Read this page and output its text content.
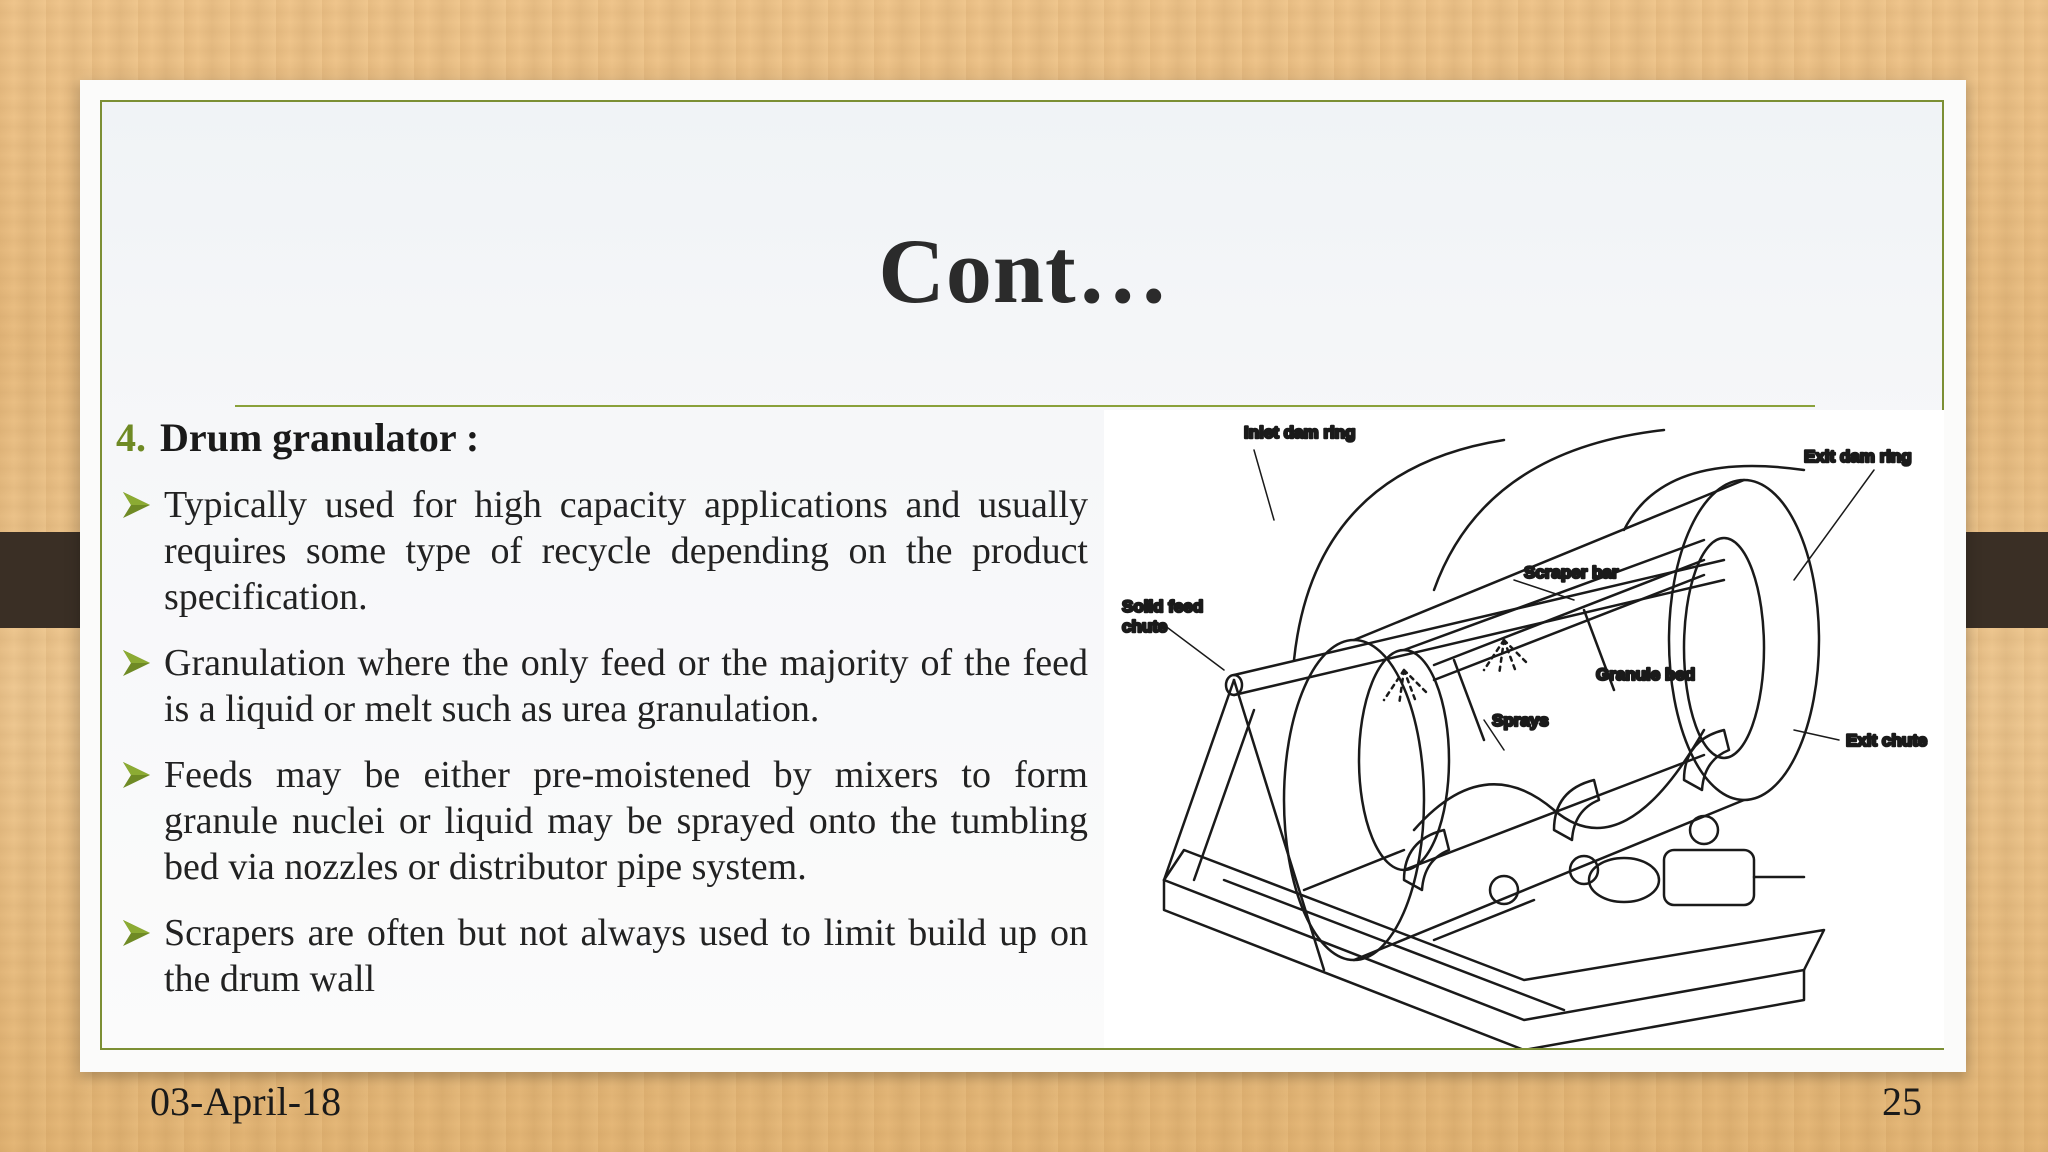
Cont…
4. Drum granulator :
Typically used for high capacity applications and usually requires some type of recycle depending on the product specification.
Granulation where the only feed or the majority of the feed is a liquid or melt such as urea granulation.
Feeds may be either pre-moistened by mixers to form granule nuclei or liquid may be sprayed onto the tumbling bed via nozzles or distributor pipe system.
Scrapers are often but not always used to limit build up on the drum wall
Inlet dam ring
Exit dam ring
Scraper bar
Solid feed
chute
Granule bed
Sprays
Exit chute
03-April-18	25
